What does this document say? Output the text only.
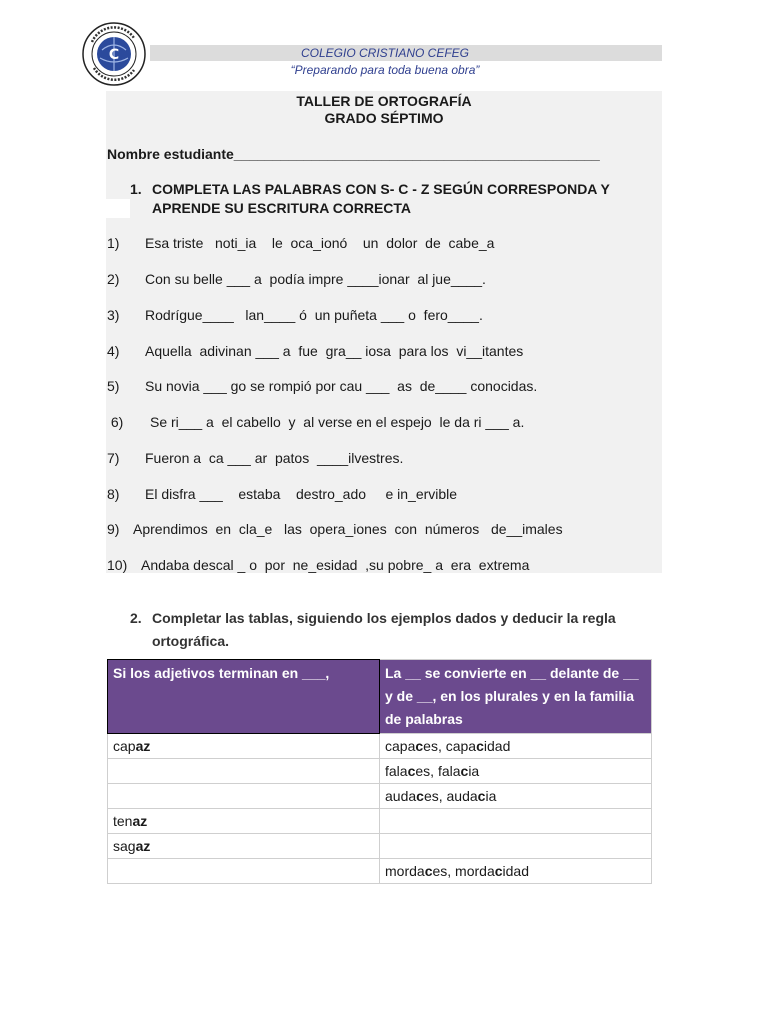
C	COLEGIO CRISTIANO CEFEG
“Preparando para toda buena obra”
TALLER DE ORTOGRAFÍA
GRADO SÉPTIMO
Nombre estudiante_______________________________________________
1. COMPLETA LAS PALABRAS CON S- C - Z SEGÚN CORRESPONDA Y APRENDE SU ESCRITURA CORRECTA
1) Esa triste   noti_ia    le  oca_ionó    un  dolor  de  cabe_a
2) Con su belle ___ a  podía impre ____ionar  al jue____.
3) Rodrígue____   lan____ ó  un puñeta ___ o  fero____.
4) Aquella  adivinan ___ a  fue  gra__ iosa  para los  vi__itantes
5) Su novia ___ go se rompió por cau ___  as  de____ conocidas.
6) Se ri___ a  el cabello  y  al verse en el espejo  le da ri ___ a.
7) Fueron a  ca ___ ar  patos  ____ilvestres.
8) El disfra ___    estaba    destro_ado     e in_ervible
9) Aprendimos  en  cla_e   las  opera_iones  con  números   de__imales
10) Andaba descal _ o  por  ne_esidad  ,su pobre_ a  era  extrema
2. Completar las tablas, siguiendo los ejemplos dados y deducir la regla ortográfica.
Si los adjetivos terminan en ___,	La __ se convierte en __ delante de __ y de __, en los plurales y en la familia de palabras
capaz	capaces, capacidad
	falaces, falacia
	audaces, audacia
tenaz	
sagaz	
	mordaces, mordacidad
